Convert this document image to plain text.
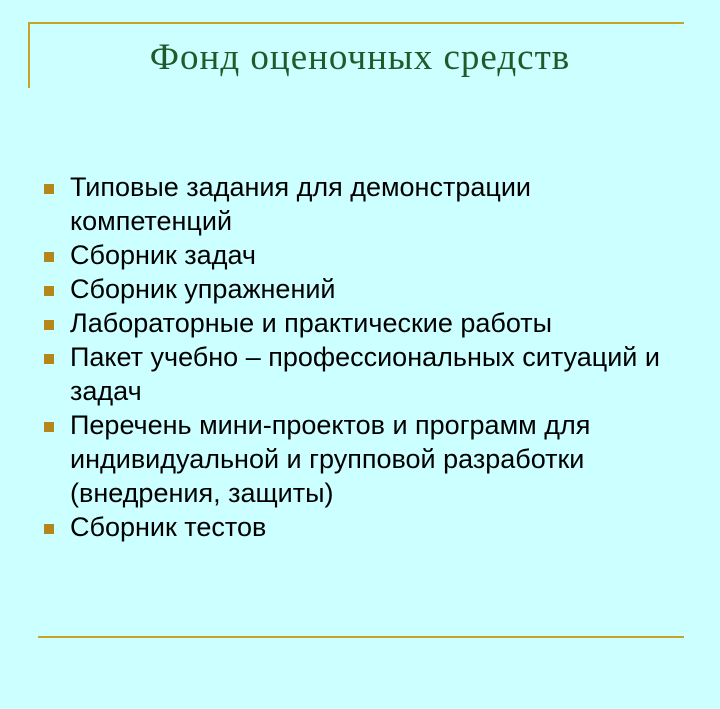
Фонд оценочных средств
Типовые задания для демонстрации компетенций
Сборник задач
Сборник упражнений
Лабораторные и практические работы
Пакет учебно – профессиональных ситуаций и задач
Перечень мини-проектов и программ для индивидуальной и групповой разработки (внедрения, защиты)
Сборник тестов
